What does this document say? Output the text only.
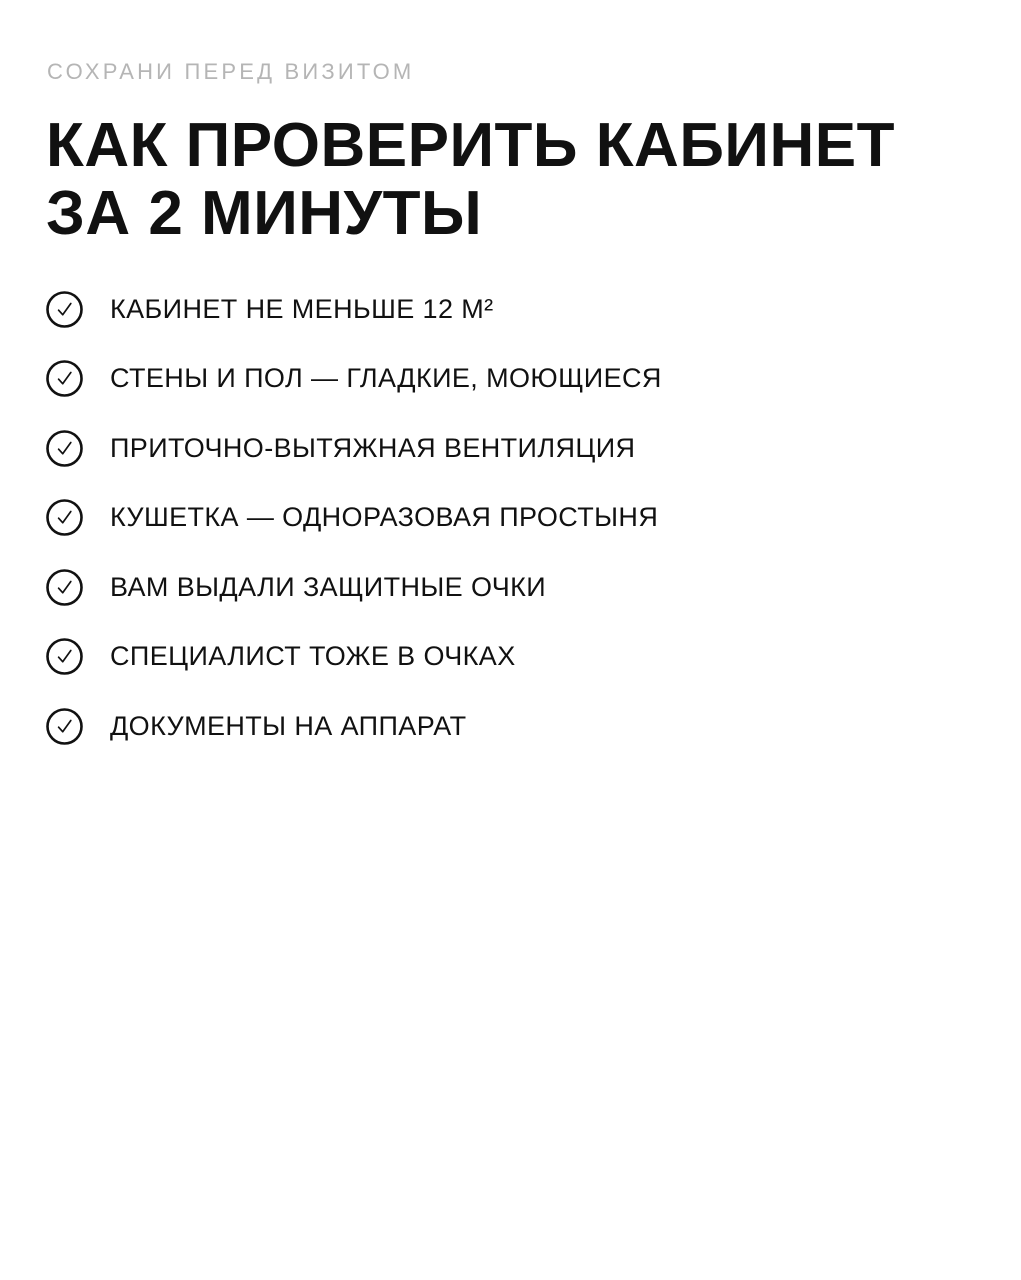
СОХРАНИ ПЕРЕД ВИЗИТОМ
КАК ПРОВЕРИТЬ КАБИНЕТ
ЗА 2 МИНУТЫ
КАБИНЕТ НЕ МЕНЬШЕ 12 М²
СТЕНЫ И ПОЛ — ГЛАДКИЕ, МОЮЩИЕСЯ
ПРИТОЧНО-ВЫТЯЖНАЯ ВЕНТИЛЯЦИЯ
КУШЕТКА — ОДНОРАЗОВАЯ ПРОСТЫНЯ
ВАМ ВЫДАЛИ ЗАЩИТНЫЕ ОЧКИ
СПЕЦИАЛИСТ ТОЖЕ В ОЧКАХ
ДОКУМЕНТЫ НА АППАРАТ
